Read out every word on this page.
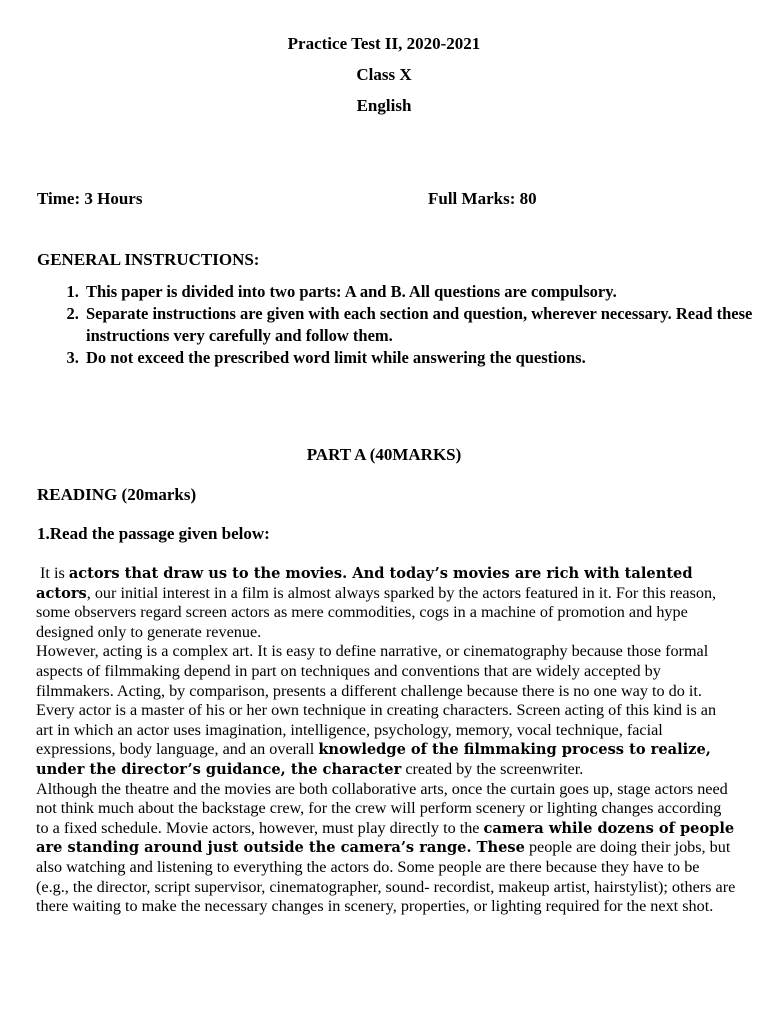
Practice Test II, 2020-2021
Class X
English
Time: 3 Hours	Full Marks: 80
GENERAL INSTRUCTIONS:
1. This paper is divided into two parts: A and B. All questions are compulsory.
2. Separate instructions are given with each section and question, wherever necessary. Read these instructions very carefully and follow them.
3. Do not exceed the prescribed word limit while answering the questions.
PART A (40MARKS)
READING (20marks)
1.Read the passage given below:

It is actors that draw us to the movies. And today’s movies are rich with talented actors, our initial interest in a film is almost always sparked by the actors featured in it. For this reason, some observers regard screen actors as mere commodities, cogs in a machine of promotion and hype designed only to generate revenue.

However, acting is a complex art. It is easy to define narrative, or cinematography because those formal aspects of filmmaking depend in part on techniques and conventions that are widely accepted by filmmakers. Acting, by comparison, presents a different challenge because there is no one way to do it. Every actor is a master of his or her own technique in creating characters. Screen acting of this kind is an art in which an actor uses imagination, intelligence, psychology, memory, vocal technique, facial expressions, body language, and an overall knowledge of the filmmaking process to realize, under the director’s guidance, the character created by the screenwriter.

Although the theatre and the movies are both collaborative arts, once the curtain goes up, stage actors need not think much about the backstage crew, for the crew will perform scenery or lighting changes according to a fixed schedule. Movie actors, however, must play directly to the camera while dozens of people are standing around just outside the camera’s range. These people are doing their jobs, but also watching and listening to everything the actors do. Some people are there because they have to be (e.g., the director, script supervisor, cinematographer, sound- recordist, makeup artist, hairstylist); others are there waiting to make the necessary changes in scenery, properties, or lighting required for the next shot.
